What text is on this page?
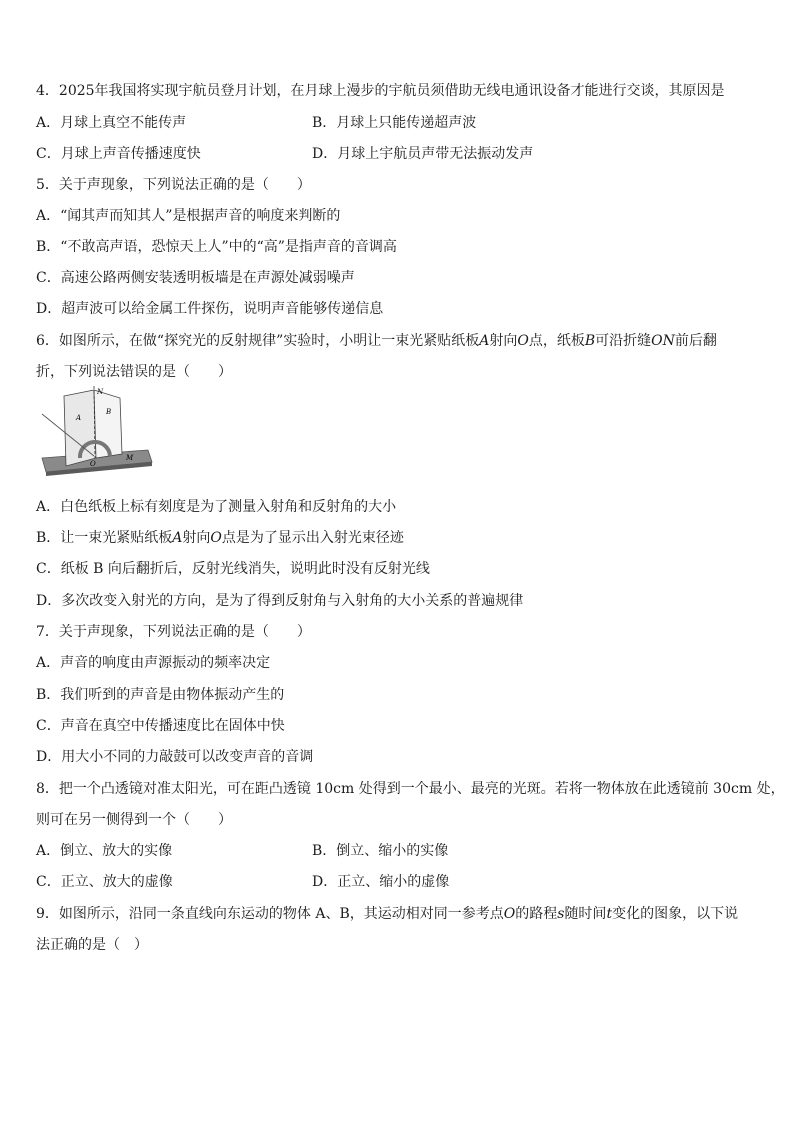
4．2025年我国将实现宇航员登月计划，在月球上漫步的宇航员须借助无线电通讯设备才能进行交谈，其原因是
A．月球上真空不能传声	B．月球上只能传递超声波
C．月球上声音传播速度快	D．月球上宇航员声带无法振动发声
5．关于声现象，下列说法正确的是（　　）
A．“闻其声而知其人”是根据声音的响度来判断的
B．“不敢高声语，恐惊天上人”中的“高”是指声音的音调高
C．高速公路两侧安装透明板墙是在声源处减弱噪声
D．超声波可以给金属工件探伤，说明声音能够传递信息
6．如图所示，在做“探究光的反射规律”实验时，小明让一束光紧贴纸板A射向O点，纸板B可沿折缝ON前后翻
折，下列说法错误的是（　　）
N
A
B
O
M
A．白色纸板上标有刻度是为了测量入射角和反射角的大小
B．让一束光紧贴纸板A射向O点是为了显示出入射光束径迹
C．纸板 B 向后翻折后，反射光线消失，说明此时没有反射光线
D．多次改变入射光的方向，是为了得到反射角与入射角的大小关系的普遍规律
7．关于声现象，下列说法正确的是（　　）
A．声音的响度由声源振动的频率决定
B．我们听到的声音是由物体振动产生的
C．声音在真空中传播速度比在固体中快
D．用大小不同的力敲鼓可以改变声音的音调
8．把一个凸透镜对准太阳光，可在距凸透镜 10cm 处得到一个最小、最亮的光斑。若将一物体放在此透镜前 30cm 处，
则可在另一侧得到一个（　　）
A．倒立、放大的实像	B．倒立、缩小的实像
C．正立、放大的虚像	D．正立、缩小的虚像
9．如图所示，沿同一条直线向东运动的物体 A、B，其运动相对同一参考点O的路程s随时间t变化的图象，以下说
法正确的是（　）
